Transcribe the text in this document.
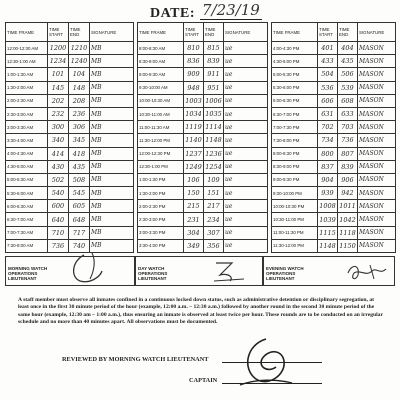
DATE: 7/23/19
TIME FRAME	TIME START	TIME END	SIGNATURE		TIME FRAME	TIME START	TIME END	SIGNATURE		TIME FRAME	TIME START	TIME END	SIGNATURE
12:00-12:30 AM	1200	1210	MB		8:00-8:30 AM	810	815	ue		4:00-4:30 PM	401	404	MASON
12:30-1:00 AM	1234	1240	MB		8:30-9:00 AM	836	839	ue		4:30-5:00 PM	433	435	MASON
1:00-1:30 AM	101	104	MB		9:00-9:30 AM	909	911	ue		5:00-5:30 PM	504	506	MASON
1:30-2:00 AM	145	148	MB		9:30-10:00 AM	948	951	ue		5:30-6:00 PM	536	539	MASON
2:00-2:30 AM	202	208	MB		10:00-10:30 AM	1003	1006	ue		6:00-6:30 PM	606	608	MASON
2:30-3:00 AM	232	236	MB		10:30-11:00 AM	1034	1035	ue		6:30-7:00 PM	631	633	MASON
3:00-3:30 AM	300	306	MB		11:00-11:30 AM	1119	1114	ue		7:00-7:30 PM	702	703	MASON
3:30-4:00 AM	340	345	MB		11:30-12:00 PM	1140	1148	ue		7:30-8:00 PM	734	736	MASON
4:00-4:30 AM	414	418	MB		12:00-12:30 PM	1237	1236	ue		8:00-8:30 PM	800	807	MASON
4:30-5:00 AM	430	435	MB		12:30-1:00 PM	1249	1254	ue		8:30-9:00 PM	837	839	MASON
5:00-5:30 AM	502	508	MB		1:00-1:30 PM	106	109	ue		9:00-9:30 PM	904	906	MASON
5:30-6:00 AM	540	545	MB		1:30-2:00 PM	150	151	ue		9:30-10:00 PM	939	942	MASON
6:00-6:30 AM	600	605	MB		2:00-2:30 PM	215	217	ue		10:00-10:30 PM	1008	1011	MASON
6:30-7:00 AM	640	648	MB		2:30-3:00 PM	231	234	ue		10:30-11:00 PM	1039	1042	MASON
7:00-7:30 AM	710	717	MB		3:00-3:30 PM	304	307	ue		11:00-11:30 PM	1115	1118	MASON
7:30-8:00 AM	736	740	MB		3:30-4:00 PM	349	356	ue		11:30-12:00 PM	1148	1150	MASON
MORNING WATCH OPERATIONS LIEUTENANT
DAY WATCH OPERATIONS LIEUTENANT
EVENING WATCH OPERATIONS LIEUTENANT
A staff member must observe all inmates confined in a continuous locked down status, such as administrative detention or disciplinary segregation, at least once in the first 30 minute period of the hour (example, 12:00 a.m. – 12:30 a.m.) followed by another round in the second 30 minute period of the same hour (example, 12:30 am – 1:00 a.m.), thus ensuring an inmate is observed at least twice per hour. These rounds are to be conducted on an irregular schedule and no more than 40 minutes apart. All observations must be documented.
REVIEWED BY MORNING WATCH LIEUTENANT
CAPTAIN
